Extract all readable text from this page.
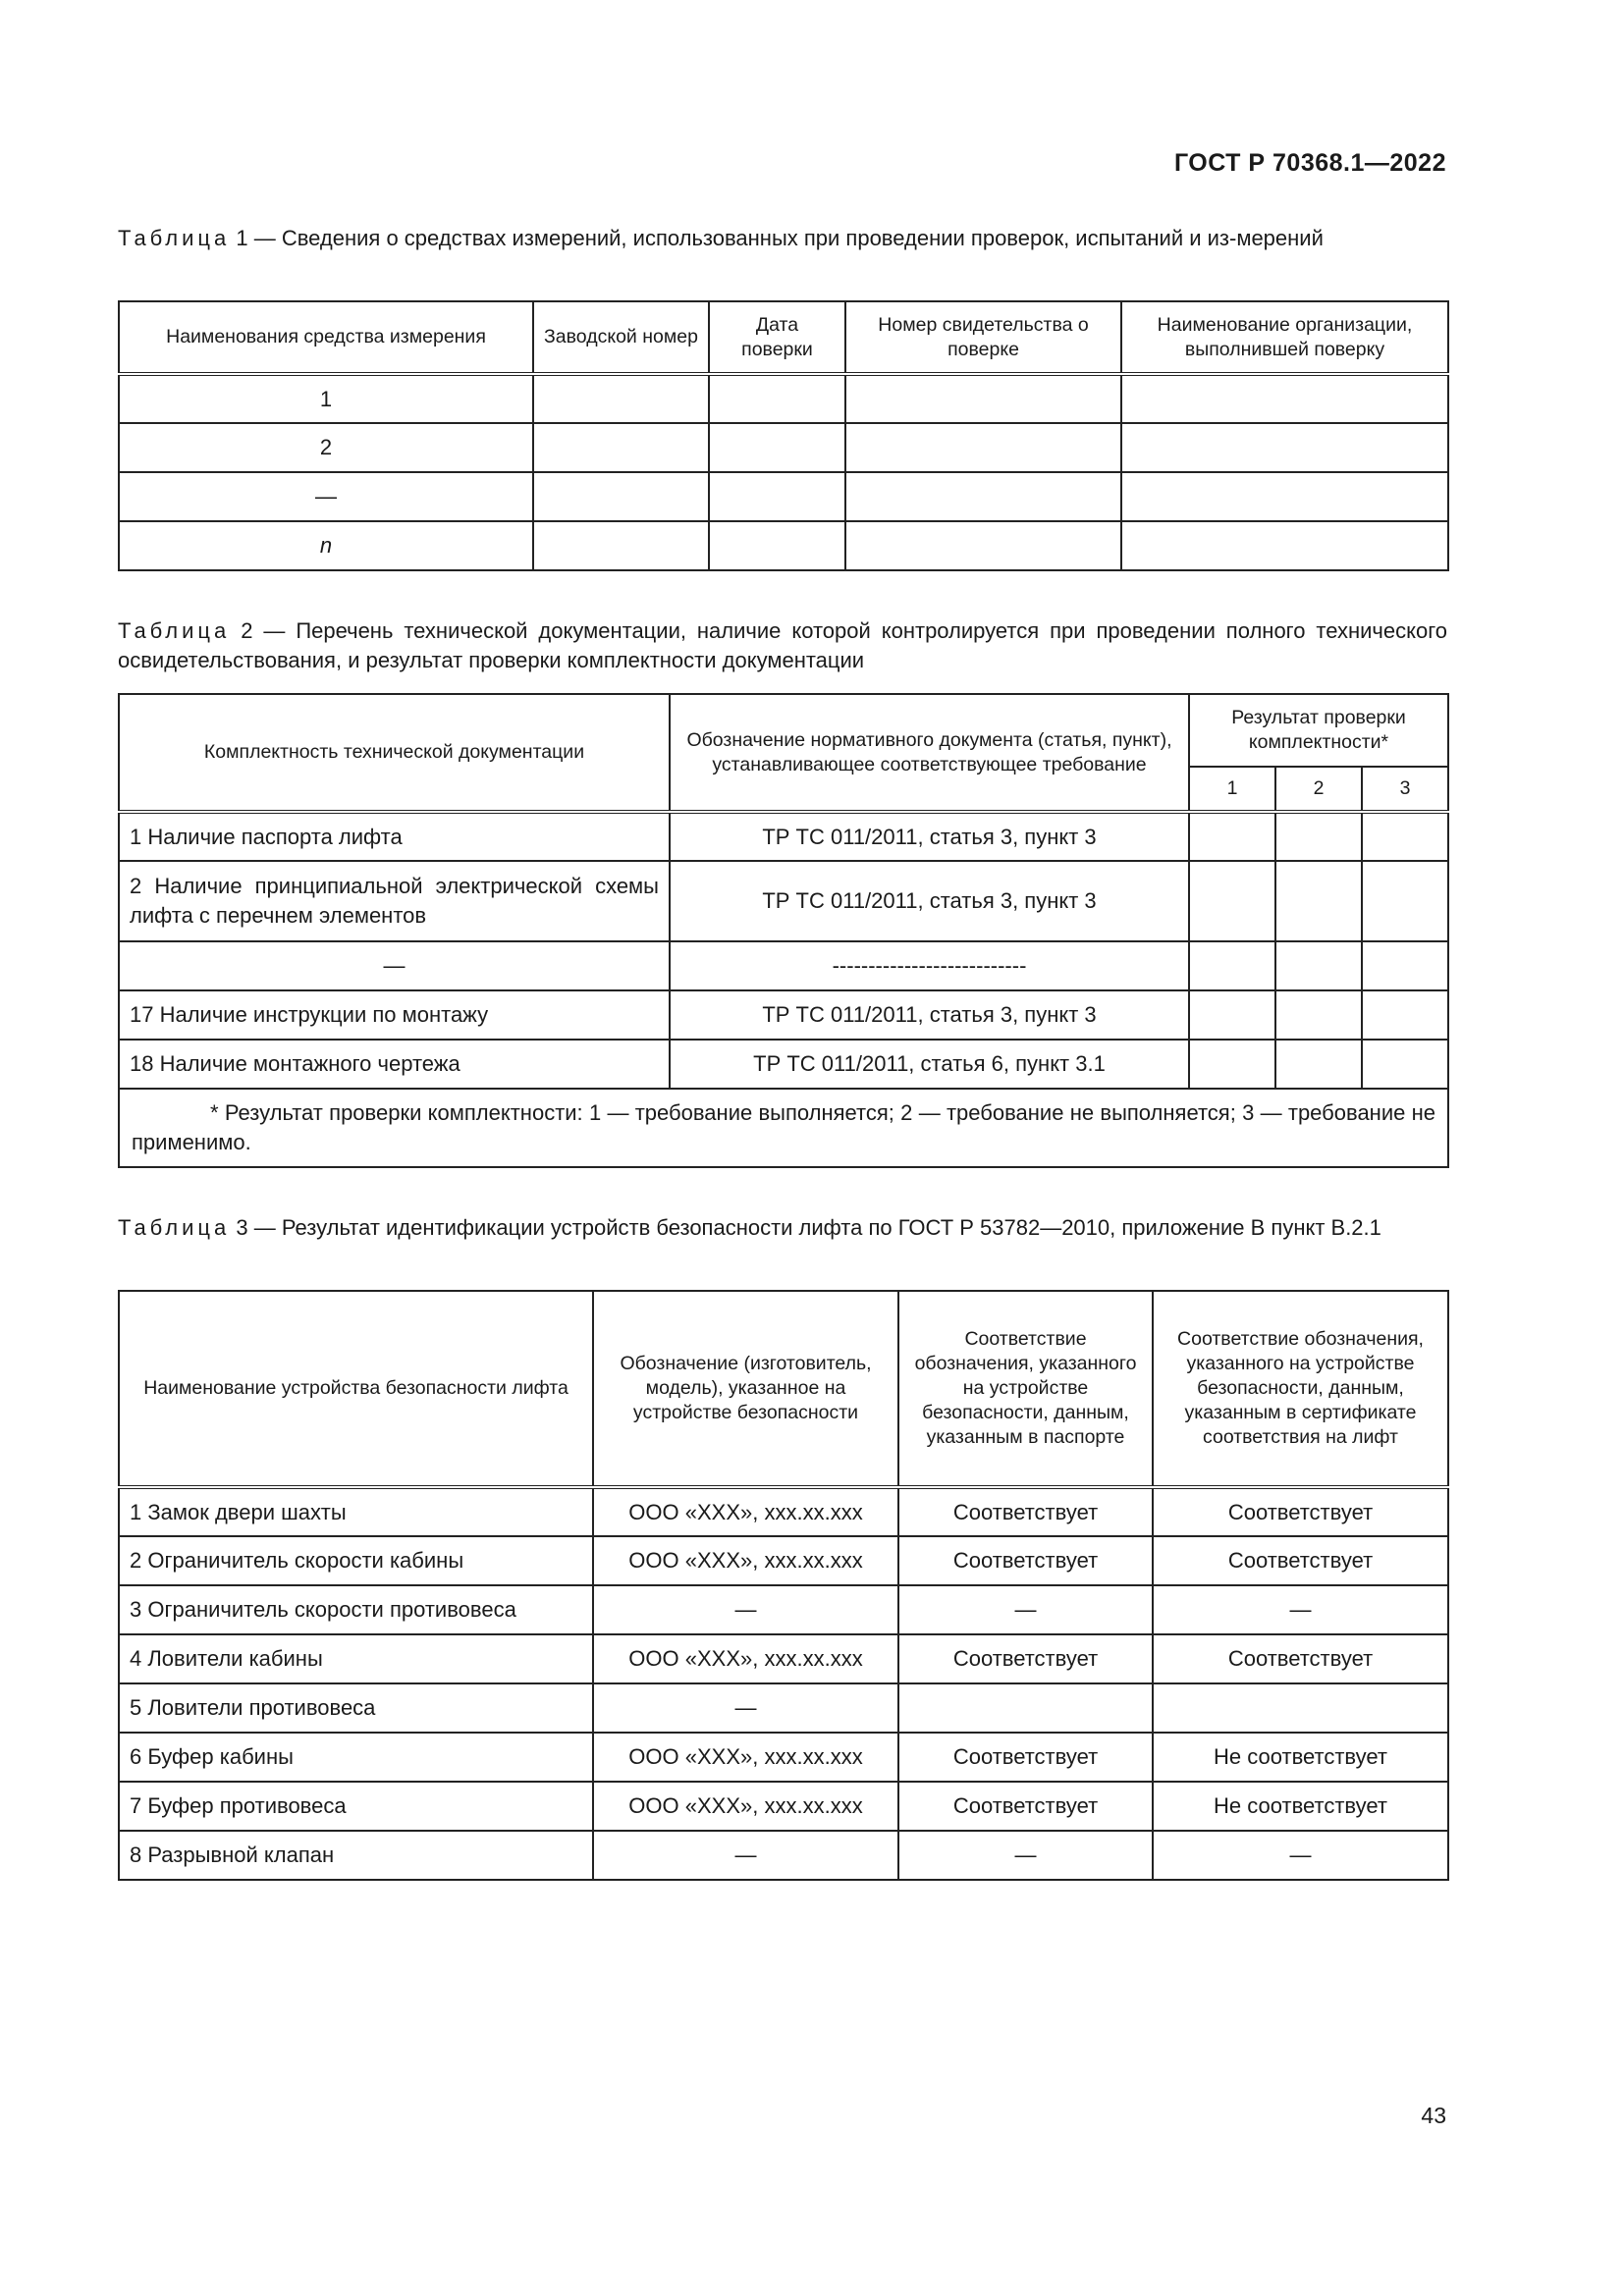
ГОСТ Р 70368.1—2022
Таблица 1 — Сведения о средствах измерений, использованных при проведении проверок, испытаний и из-мерений
Наименования средства измерения	Заводской номер	Дата поверки	Номер свидетельства о поверке	Наименование организации, выполнившей поверку
1				
2				
—				
n				
Таблица 2 — Перечень технической документации, наличие которой контролируется при проведении полного технического освидетельствования, и результат проверки комплектности документации
Комплектность технической документации	Обозначение нормативного документа (статья, пункт), устанавливающее соответствующее требование	Результат проверки комплектности*		
		1	2	3
1 Наличие паспорта лифта	ТР ТС 011/2011, статья 3, пункт 3			
2 Наличие принципиальной электрической схемы лифта с перечнем элементов	ТР ТС 011/2011, статья 3, пункт 3			
—	---------------------------			
17 Наличие инструкции по монтажу	ТР ТС 011/2011, статья 3, пункт 3			
18 Наличие монтажного чертежа	ТР ТС 011/2011, статья 6, пункт 3.1			
* Результат проверки комплектности: 1 — требование выполняется; 2 — требование не выполняется; 3 — требование не применимо.				
Таблица 3 — Результат идентификации устройств безопасности лифта по ГОСТ Р 53782—2010, приложение В пункт В.2.1
Наименование устройства безопасности лифта	Обозначение (изготовитель, модель), указанное на устройстве безопасности	Соответствие обозначения, указанного на устройстве безопасности, данным, указанным в паспорте	Соответствие обозначения, указанного на устройстве безопасности, данным, указанным в сертификате соответствия на лифт
1 Замок двери шахты	ООО «ХХХ», ххх.хх.ххх	Соответствует	Соответствует
2 Ограничитель скорости кабины	ООО «ХХХ», ххх.хх.ххх	Соответствует	Соответствует
3 Ограничитель скорости противовеса	—	—	—
4 Ловители кабины	ООО «ХХХ», ххх.хх.ххх	Соответствует	Соответствует
5 Ловители противовеса	—		
6 Буфер кабины	ООО «ХХХ», ххх.хх.ххх	Соответствует	Не соответствует
7 Буфер противовеса	ООО «ХХХ», ххх.хх.ххх	Соответствует	Не соответствует
8 Разрывной клапан	—	—	—
43
